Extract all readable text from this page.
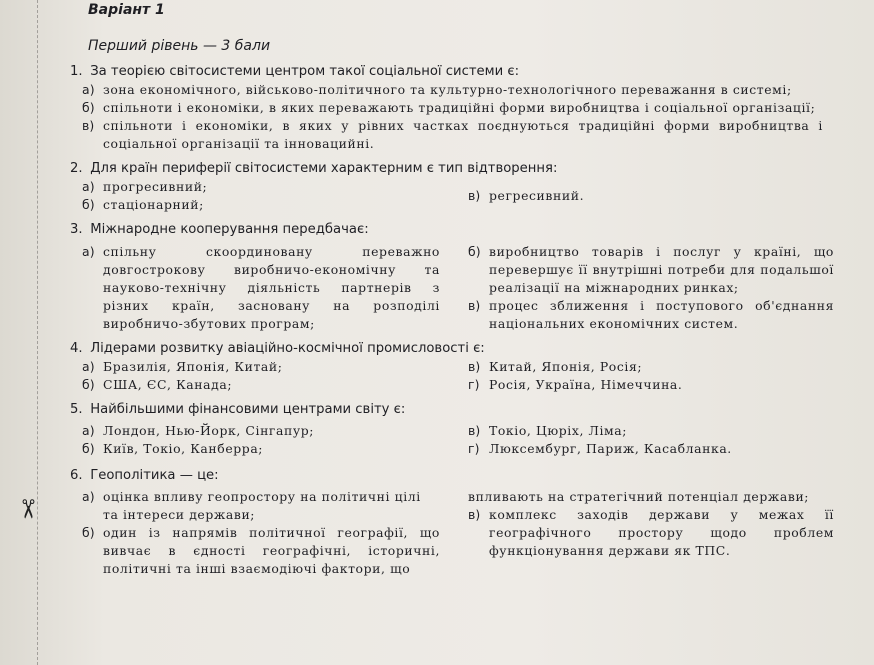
✂
Варіант 1
Перший рівень — 3 бали
1. За теорією світосистеми центром такої соціальної системи є:
а) зона економічного, військово-політичного та культурно-технологічного переважання в системі;
б) спільноти і економіки, в яких переважають традиційні форми виробництва і соціальної організації;
в) спільноти і економіки, в яких у рівних частках поєднуються традиційні форми виробництва і соціальної організації та інновацийні.
2. Для країн периферії світосистеми характерним є тип відтворення:
а) прогресивний;
б) стаціонарний;
в) регресивний.
3. Міжнародне кооперування передбачає:
а) спільну скоординовану переважно довгострокову виробничо-економічну та науково-технічну діяльність партнерів з різних країн, засновану на розподілі виробничо-збутових програм;
б) виробництво товарів і послуг у країні, що перевершує її внутрішні потреби для подальшої реалізації на міжнародних ринках;
в) процес зближення і поступового об'єднання національних економічних систем.
4. Лідерами розвитку авіаційно-космічної промисловості є:
а) Бразилія, Японія, Китай;
б) США, ЄС, Канада;
в) Китай, Японія, Росія;
г) Росія, Україна, Німеччина.
5. Найбільшими фінансовими центрами світу є:
а) Лондон, Нью-Йорк, Сінгапур;
б) Київ, Токіо, Канберра;
в) Токіо, Цюріх, Ліма;
г) Люксембург, Париж, Касабланка.
6. Геополітика — це:
а) оцінка впливу геопростору на політичні цілі та інтереси держави;
б) один із напрямів політичної географії, що вивчає в єдності географічні, історичні, політичні та інші взаємодіючі фактори, що
впливають на стратегічний потенціал держави;
в) комплекс заходів держави у межах її географічного простору щодо проблем функціонування держави як ТПС.
